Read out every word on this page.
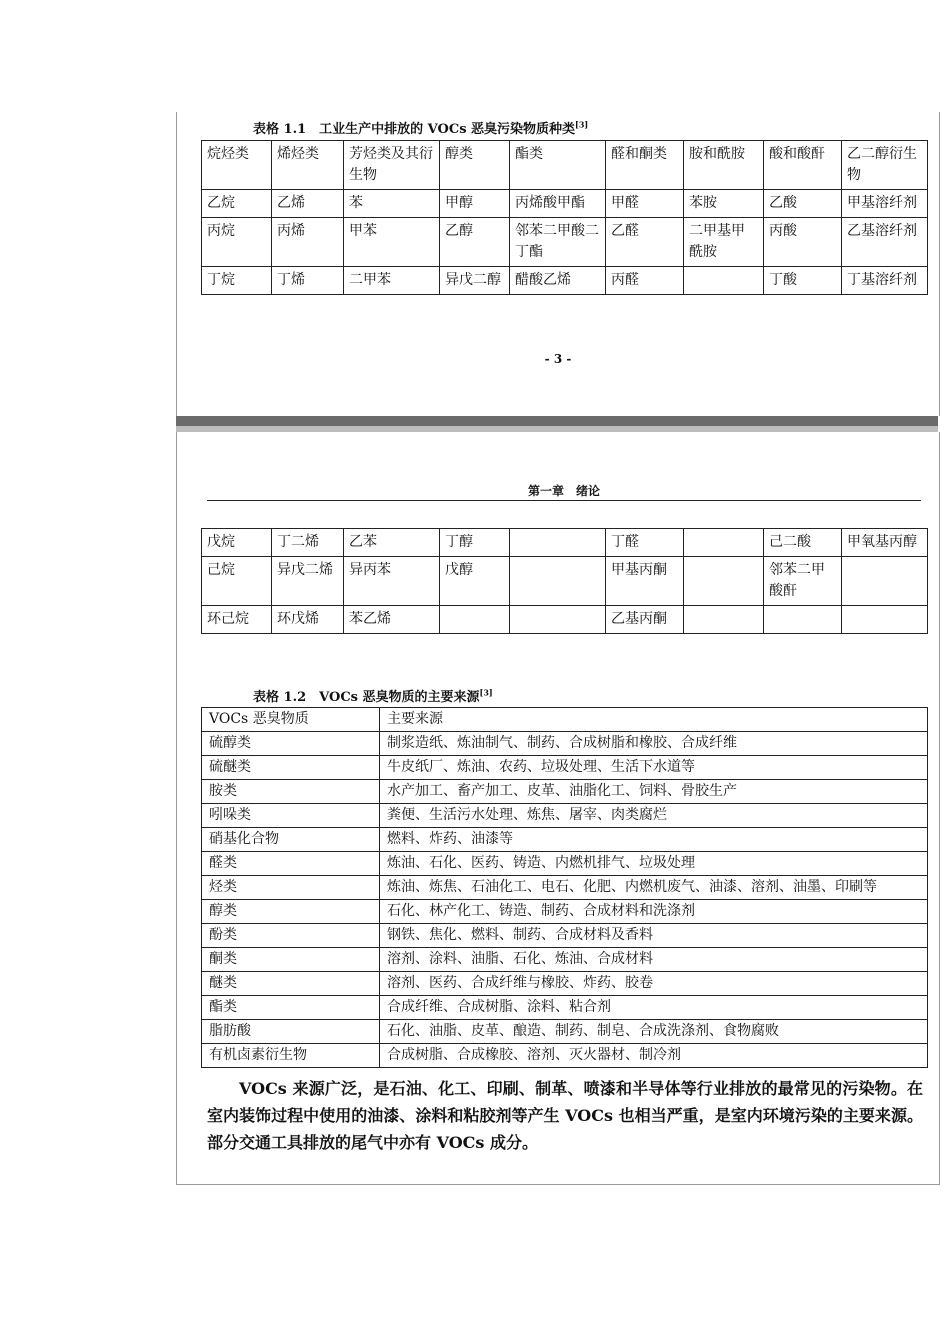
表格 1.1　工业生产中排放的 VOCs 恶臭污染物质种类[3]
烷烃类	烯烃类	芳烃类及其衍生物	醇类	酯类	醛和酮类	胺和酰胺	酸和酸酐	乙二醇衍生物
乙烷	乙烯	苯	甲醇	丙烯酸甲酯	甲醛	苯胺	乙酸	甲基溶纤剂
丙烷	丙烯	甲苯	乙醇	邻苯二甲酸二丁酯	乙醛	二甲基甲酰胺	丙酸	乙基溶纤剂
丁烷	丁烯	二甲苯	异戊二醇	醋酸乙烯	丙醛		丁酸	丁基溶纤剂
- 3 -
第一章　绪论
戊烷	丁二烯	乙苯	丁醇		丁醛		己二酸	甲氧基丙醇
己烷	异戊二烯	异丙苯	戊醇		甲基丙酮		邻苯二甲酸酐	
环己烷	环戊烯	苯乙烯			乙基丙酮			
表格 1.2　VOCs 恶臭物质的主要来源[3]
VOCs 恶臭物质	主要来源
硫醇类	制浆造纸、炼油制气、制药、合成树脂和橡胶、合成纤维
硫醚类	牛皮纸厂、炼油、农药、垃圾处理、生活下水道等
胺类	水产加工、畜产加工、皮革、油脂化工、饲料、骨胶生产
吲哚类	粪便、生活污水处理、炼焦、屠宰、肉类腐烂
硝基化合物	燃料、炸药、油漆等
醛类	炼油、石化、医药、铸造、内燃机排气、垃圾处理
烃类	炼油、炼焦、石油化工、电石、化肥、内燃机废气、油漆、溶剂、油墨、印刷等
醇类	石化、林产化工、铸造、制药、合成材料和洗涤剂
酚类	钢铁、焦化、燃料、制药、合成材料及香料
酮类	溶剂、涂料、油脂、石化、炼油、合成材料
醚类	溶剂、医药、合成纤维与橡胶、炸药、胶卷
酯类	合成纤维、合成树脂、涂料、粘合剂
脂肪酸	石化、油脂、皮革、酿造、制药、制皂、合成洗涤剂、食物腐败
有机卤素衍生物	合成树脂、合成橡胶、溶剂、灭火器材、制冷剂
VOCs 来源广泛，是石油、化工、印刷、制革、喷漆和半导体等行业排放的最常见的污染物。在室内装饰过程中使用的油漆、涂料和粘胶剂等产生 VOCs 也相当严重，是室内环境污染的主要来源。部分交通工具排放的尾气中亦有 VOCs 成分。
